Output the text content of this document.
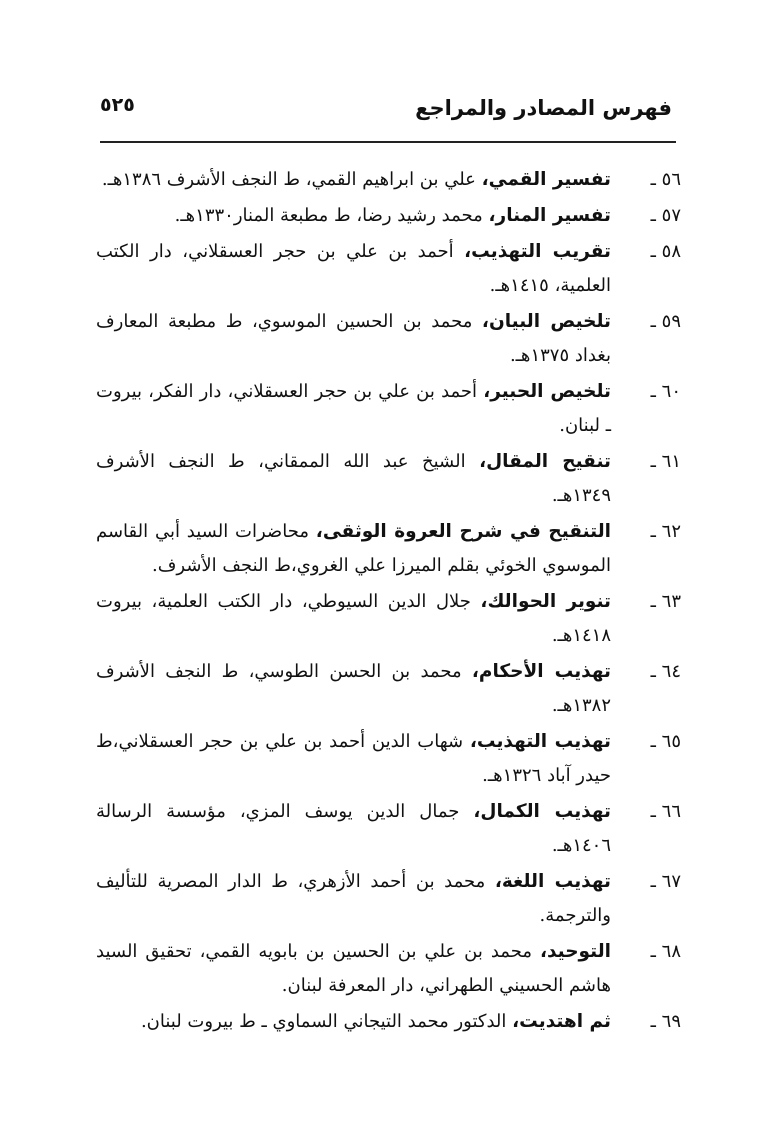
فهرس المصادر والمراجع
٥٢٥
٥٦ ـ
تفسير القمي، علي بن ابراهيم القمي، ط النجف الأشرف ١٣٨٦هـ.
٥٧ ـ
تفسير المنار، محمد رشيد رضا، ط مطبعة المنار١٣٣٠هـ.
٥٨ ـ
تقريب التهذيب، أحمد بن علي بن حجر العسقلاني، دار الكتب العلمية، ١٤١٥هـ.
٥٩ ـ
تلخيص البيان، محمد بن الحسين الموسوي، ط مطبعة المعارف بغداد ١٣٧٥هـ.
٦٠ ـ
تلخيص الحبير، أحمد بن علي بن حجر العسقلاني، دار الفكر، بيروت ـ لبنان.
٦١ ـ
تنقيح المقال، الشيخ عبد الله الممقاني، ط النجف الأشرف ١٣٤٩هـ.
٦٢ ـ
التنقيح في شرح العروة الوثقى، محاضرات السيد أبي القاسم الموسوي الخوئي بقلم الميرزا علي الغروي،ط النجف الأشرف.
٦٣ ـ
تنوير الحوالك، جلال الدين السيوطي، دار الكتب العلمية، بيروت ١٤١٨هـ.
٦٤ ـ
تهذيب الأحكام، محمد بن الحسن الطوسي، ط النجف الأشرف ١٣٨٢هـ.
٦٥ ـ
تهذيب التهذيب، شهاب الدين أحمد بن علي بن حجر العسقلاني،ط حيدر آباد ١٣٢٦هـ.
٦٦ ـ
تهذيب الكمال، جمال الدين يوسف المزي، مؤسسة الرسالة ١٤٠٦هـ.
٦٧ ـ
تهذيب اللغة، محمد بن أحمد الأزهري، ط الدار المصرية للتأليف والترجمة.
٦٨ ـ
التوحيد، محمد بن علي بن الحسين بن بابويه القمي، تحقيق السيد هاشم الحسيني الطهراني، دار المعرفة لبنان.
٦٩ ـ
ثم اهتديت، الدكتور محمد التيجاني السماوي ـ ط بيروت لبنان.
